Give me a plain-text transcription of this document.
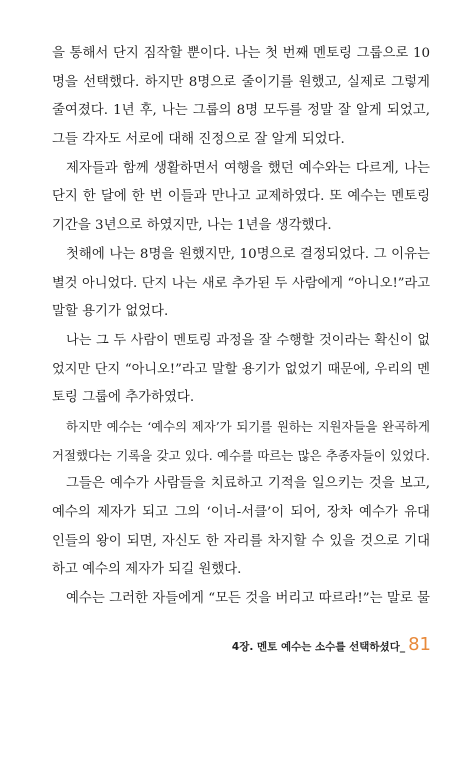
을 통해서 단지 짐작할 뿐이다. 나는 첫 번째 멘토링 그룹으로 10
명을 선택했다. 하지만 8명으로 줄이기를 원했고, 실제로 그렇게
줄여졌다. 1년 후, 나는 그룹의 8명 모두를 정말 잘 알게 되었고,
그들 각자도 서로에 대해 진정으로 잘 알게 되었다.
제자들과 함께 생활하면서 여행을 했던 예수와는 다르게, 나는
단지 한 달에 한 번 이들과 만나고 교제하였다. 또 예수는 멘토링
기간을 3년으로 하였지만, 나는 1년을 생각했다.
첫해에 나는 8명을 원했지만, 10명으로 결정되었다. 그 이유는
별것 아니었다. 단지 나는 새로 추가된 두 사람에게 “아니오!”라고
말할 용기가 없었다.
나는 그 두 사람이 멘토링 과정을 잘 수행할 것이라는 확신이 없
었지만 단지 “아니오!”라고 말할 용기가 없었기 때문에, 우리의 멘
토링 그룹에 추가하였다.
하지만 예수는 ‘예수의 제자’가 되기를 원하는 지원자들을 완곡하게
거절했다는 기록을 갖고 있다. 예수를 따르는 많은 추종자들이 있었다.
그들은 예수가 사람들을 치료하고 기적을 일으키는 것을 보고,
예수의 제자가 되고 그의 ‘이너-서클’이 되어, 장차 예수가 유대
인들의 왕이 되면, 자신도 한 자리를 차지할 수 있을 것으로 기대
하고 예수의 제자가 되길 원했다.
예수는 그러한 자들에게 “모든 것을 버리고 따르라!”는 말로 물
4장. 멘토 예수는 소수를 선택하셨다_ 81
